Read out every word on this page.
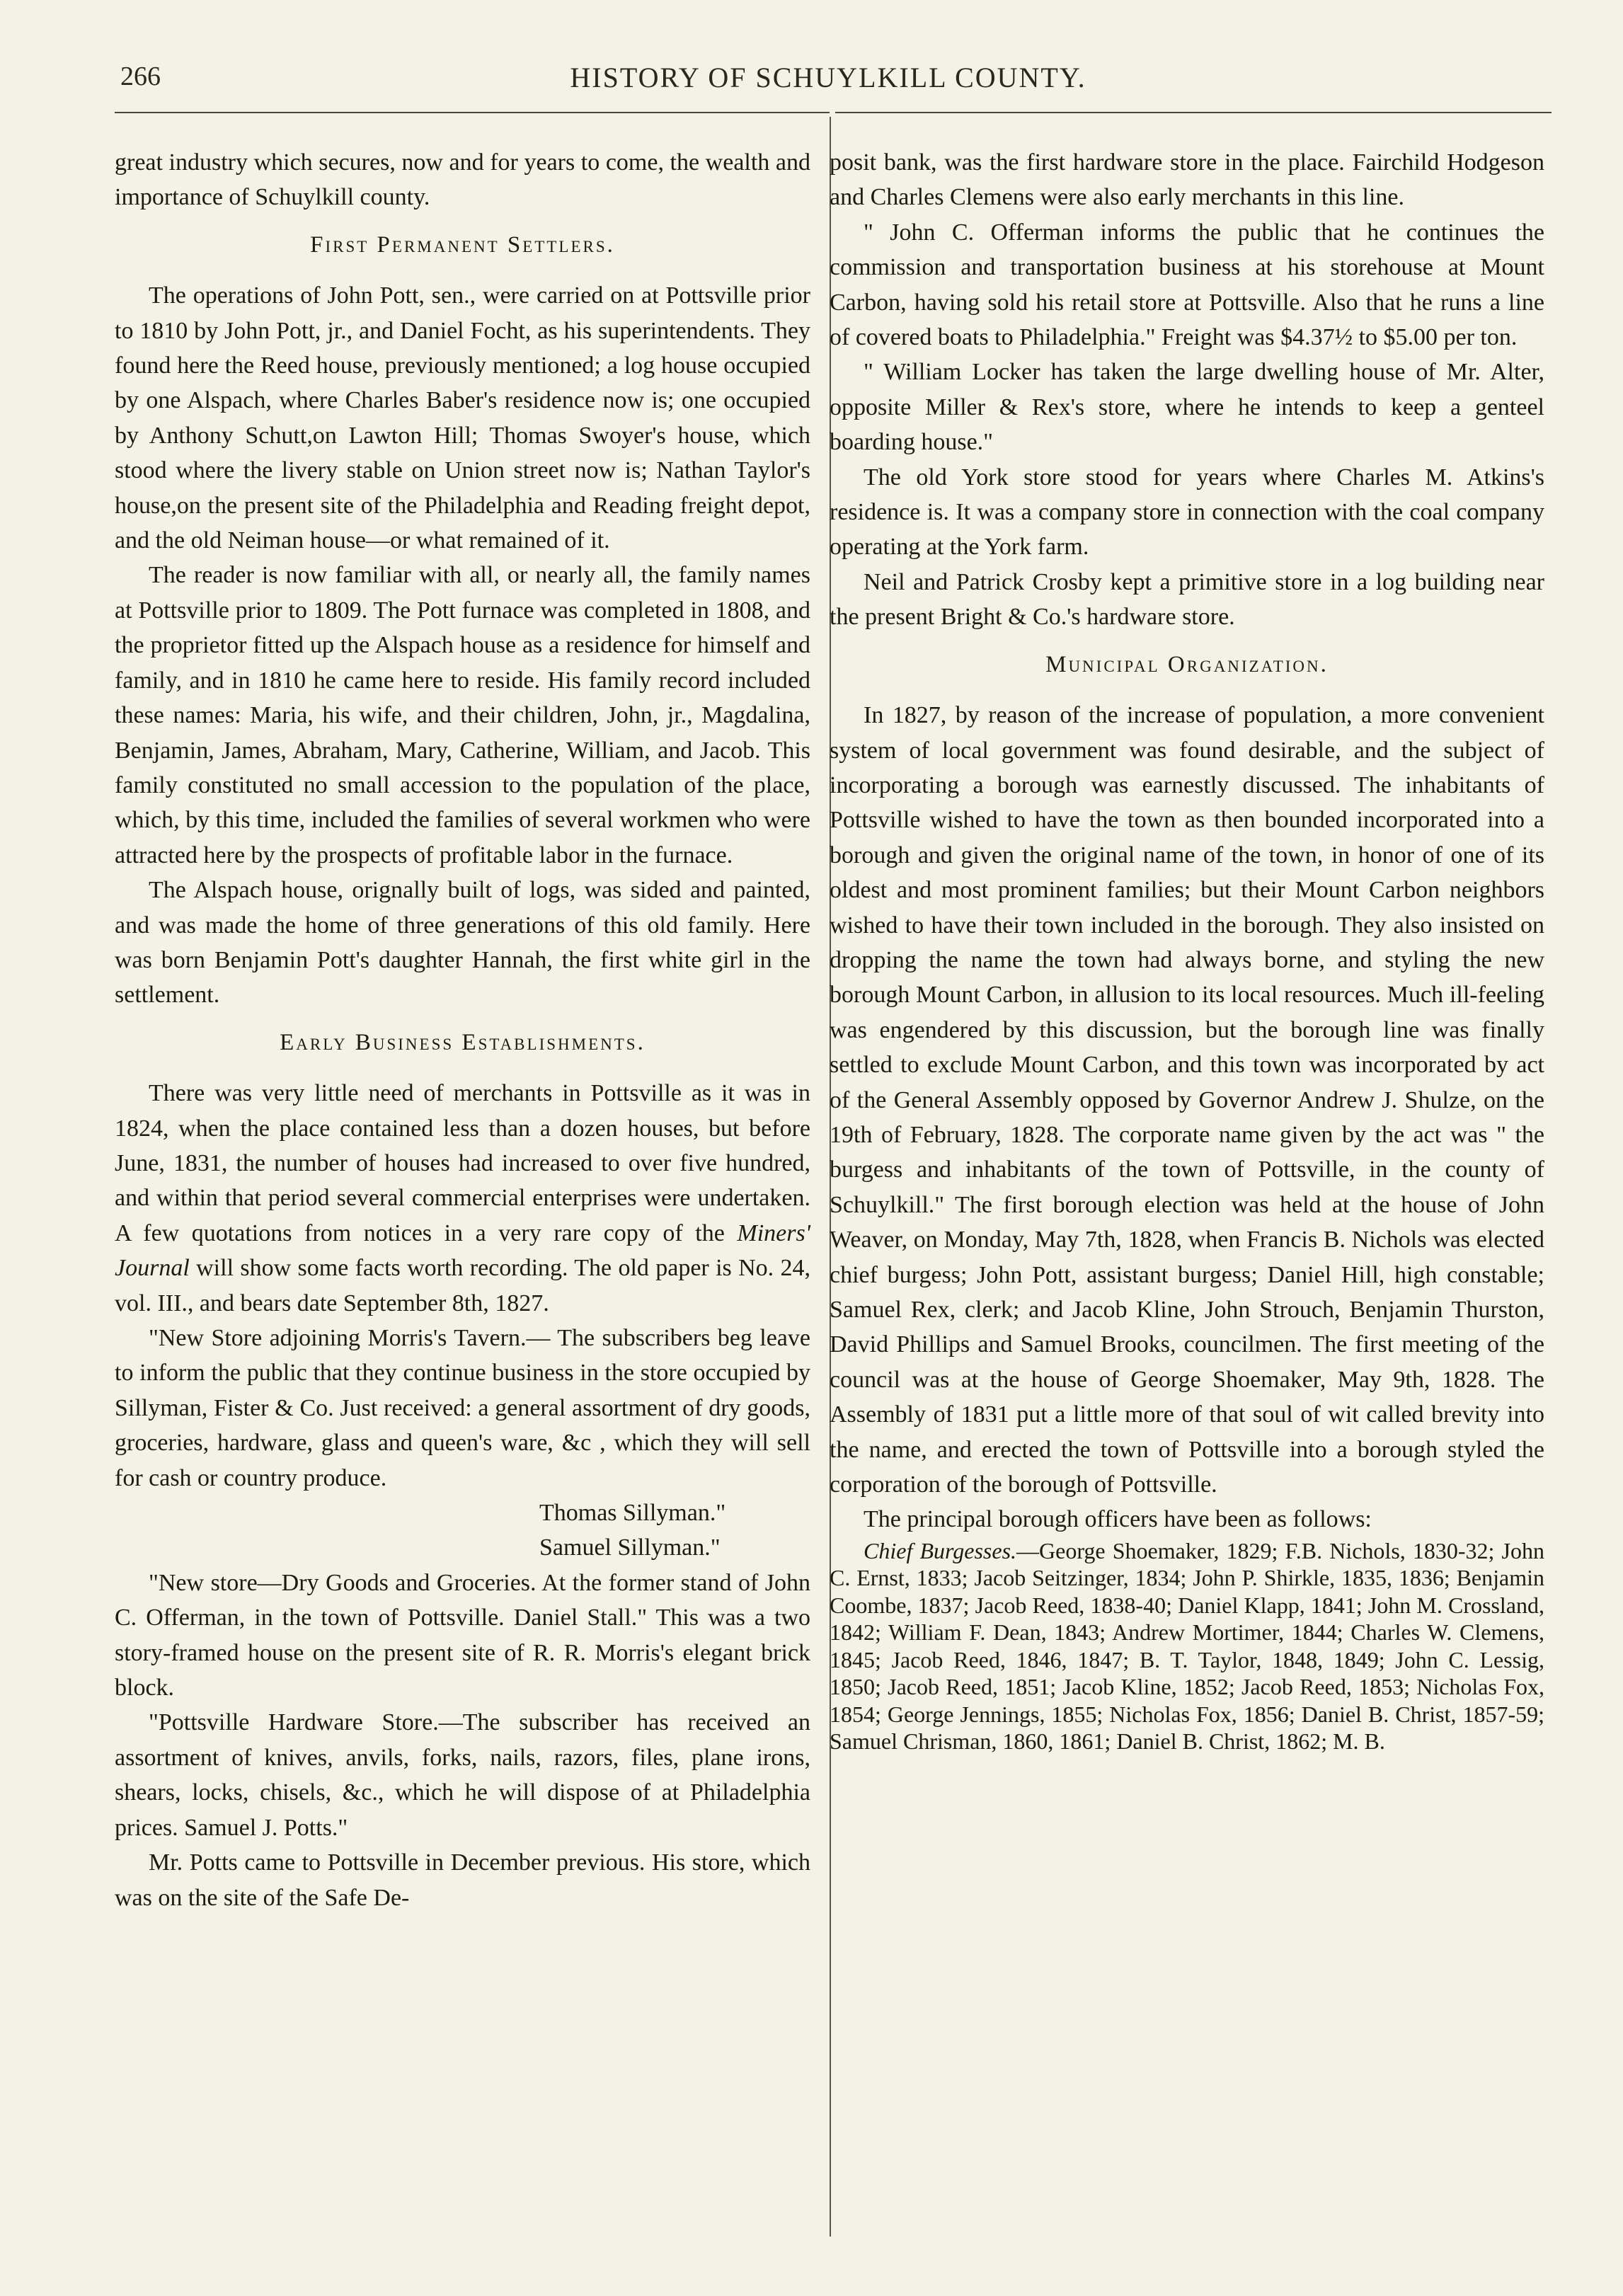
266	HISTORY OF SCHUYLKILL COUNTY.

great industry which secures, now and for years to come, the wealth and importance of Schuylkill county.

First Permanent Settlers.

The operations of John Pott, sen., were carried on at Pottsville prior to 1810 by John Pott, jr., and Daniel Focht, as his superintendents. They found here the Reed house, previously mentioned; a log house occupied by one Alspach, where Charles Baber's residence now is; one occupied by Anthony Schutt,on Lawton Hill; Thomas Swoyer's house, which stood where the livery stable on Union street now is; Nathan Taylor's house,on the present site of the Philadelphia and Reading freight depot, and the old Neiman house—or what remained of it.

The reader is now familiar with all, or nearly all, the family names at Pottsville prior to 1809. The Pott furnace was completed in 1808, and the proprietor fitted up the Alspach house as a residence for himself and family, and in 1810 he came here to reside. His family record included these names: Maria, his wife, and their children, John, jr., Magdalina, Benjamin, James, Abraham, Mary, Catherine, William, and Jacob. This family constituted no small accession to the population of the place, which, by this time, included the families of several workmen who were attracted here by the prospects of profitable labor in the furnace.

The Alspach house, orignally built of logs, was sided and painted, and was made the home of three generations of this old family. Here was born Benjamin Pott's daughter Hannah, the first white girl in the settlement.

Early Business Establishments.

There was very little need of merchants in Pottsville as it was in 1824, when the place contained less than a dozen houses, but before June, 1831, the number of houses had increased to over five hundred, and within that period several commercial enterprises were undertaken. A few quotations from notices in a very rare copy of the Miners' Journal will show some facts worth recording. The old paper is No. 24, vol. III., and bears date September 8th, 1827.

"New Store adjoining Morris's Tavern.— The subscribers beg leave to inform the public that they continue business in the store occupied by Sillyman, Fister & Co. Just received: a general assortment of dry goods, groceries, hardware, glass and queen's ware, &c , which they will sell for cash or country produce.

Thomas Sillyman."

Samuel Sillyman."

"New store—Dry Goods and Groceries. At the former stand of John C. Offerman, in the town of Pottsville. Daniel Stall." This was a two story-framed house on the present site of R. R. Morris's elegant brick block.

"Pottsville Hardware Store.—The subscriber has received an assortment of knives, anvils, forks, nails, razors, files, plane irons, shears, locks, chisels, &c., which he will dispose of at Philadelphia prices. Samuel J. Potts."

Mr. Potts came to Pottsville in December previous. His store, which was on the site of the Safe De-

posit bank, was the first hardware store in the place. Fairchild Hodgeson and Charles Clemens were also early merchants in this line.

" John C. Offerman informs the public that he continues the commission and transportation business at his storehouse at Mount Carbon, having sold his retail store at Pottsville. Also that he runs a line of covered boats to Philadelphia." Freight was $4.37½ to $5.00 per ton.

" William Locker has taken the large dwelling house of Mr. Alter, opposite Miller & Rex's store, where he intends to keep a genteel boarding house."

The old York store stood for years where Charles M. Atkins's residence is. It was a company store in connection with the coal company operating at the York farm.

Neil and Patrick Crosby kept a primitive store in a log building near the present Bright & Co.'s hardware store.

Municipal Organization.

In 1827, by reason of the increase of population, a more convenient system of local government was found desirable, and the subject of incorporating a borough was earnestly discussed. The inhabitants of Pottsville wished to have the town as then bounded incorporated into a borough and given the original name of the town, in honor of one of its oldest and most prominent families; but their Mount Carbon neighbors wished to have their town included in the borough. They also insisted on dropping the name the town had always borne, and styling the new borough Mount Carbon, in allusion to its local resources. Much ill-feeling was engendered by this discussion, but the borough line was finally settled to exclude Mount Carbon, and this town was incorporated by act of the General Assembly opposed by Governor Andrew J. Shulze, on the 19th of February, 1828. The corporate name given by the act was " the burgess and inhabitants of the town of Pottsville, in the county of Schuylkill." The first borough election was held at the house of John Weaver, on Monday, May 7th, 1828, when Francis B. Nichols was elected chief burgess; John Pott, assistant burgess; Daniel Hill, high constable; Samuel Rex, clerk; and Jacob Kline, John Strouch, Benjamin Thurston, David Phillips and Samuel Brooks, councilmen. The first meeting of the council was at the house of George Shoemaker, May 9th, 1828. The Assembly of 1831 put a little more of that soul of wit called brevity into the name, and erected the town of Pottsville into a borough styled the corporation of the borough of Pottsville.

The principal borough officers have been as follows:

Chief Burgesses.—George Shoemaker, 1829; F.B. Nichols, 1830-32; John C. Ernst, 1833; Jacob Seitzinger, 1834; John P. Shirkle, 1835, 1836; Benjamin Coombe, 1837; Jacob Reed, 1838-40; Daniel Klapp, 1841; John M. Crossland, 1842; William F. Dean, 1843; Andrew Mortimer, 1844; Charles W. Clemens, 1845; Jacob Reed, 1846, 1847; B. T. Taylor, 1848, 1849; John C. Lessig, 1850; Jacob Reed, 1851; Jacob Kline, 1852; Jacob Reed, 1853; Nicholas Fox, 1854; George Jennings, 1855; Nicholas Fox, 1856; Daniel B. Christ, 1857-59; Samuel Chrisman, 1860, 1861; Daniel B. Christ, 1862; M. B.
